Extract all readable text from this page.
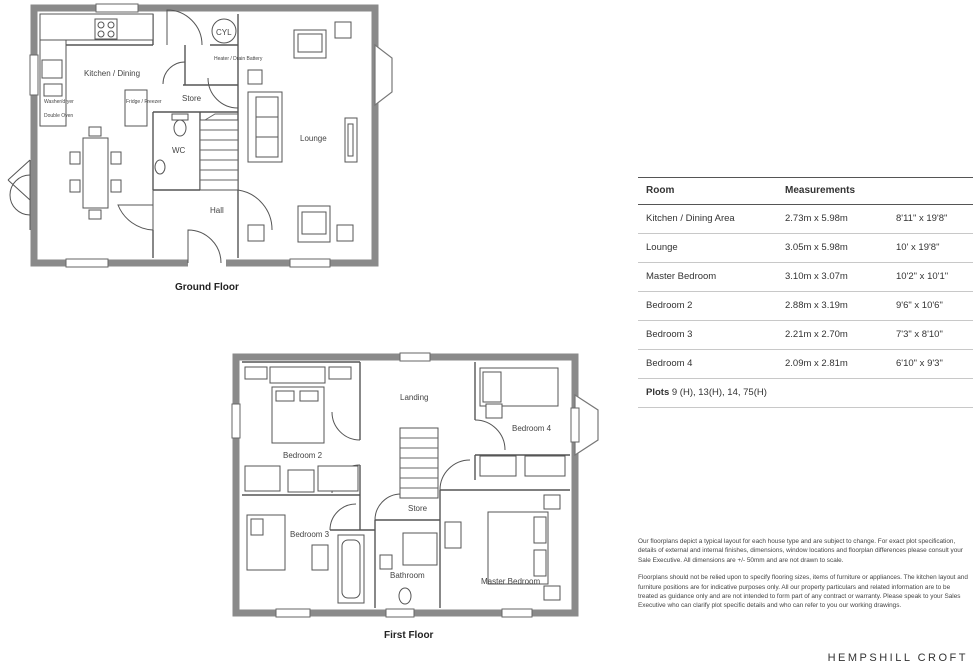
Kitchen / Dining
Lounge
Store
WC
Hall
CYL
Fridge / Freezer
Washer/dryer
Double Oven
Heater / Drain Battery
Ground Floor
Landing
Bedroom 2
Bedroom 4
Bedroom 3
Store
Bathroom
Master Bedroom
First Floor
Room	Measurements	
Kitchen / Dining Area	2.73m x 5.98m	8'11" x 19'8"
Lounge	3.05m x 5.98m	10' x 19'8"
Master Bedroom	3.10m x 3.07m	10'2" x 10'1"
Bedroom 2	2.88m x 3.19m	9'6" x 10'6"
Bedroom 3	2.21m x 2.70m	7'3" x 8'10"
Bedroom 4	2.09m x 2.81m	6'10" x 9'3"
Plots 9 (H), 13(H), 14, 75(H)		

Our floorplans depict a typical layout for each house type and are subject to change. For exact plot specification, details of external and internal finishes, dimensions, window locations and floorplan differences please consult your Sale Executive. All dimensions are +/- 50mm and are not drawn to scale.

Floorplans should not be relied upon to specify flooring sizes, items of furniture or appliances. The kitchen layout and furniture positions are for indicative purposes only. All our property particulars and related information are to be treated as guidance only and are not intended to form part of any contract or warranty. Please speak to your Sales Executive who can clarify plot specific details and who can refer to you our working drawings.

HEMPSHILL CROFT
